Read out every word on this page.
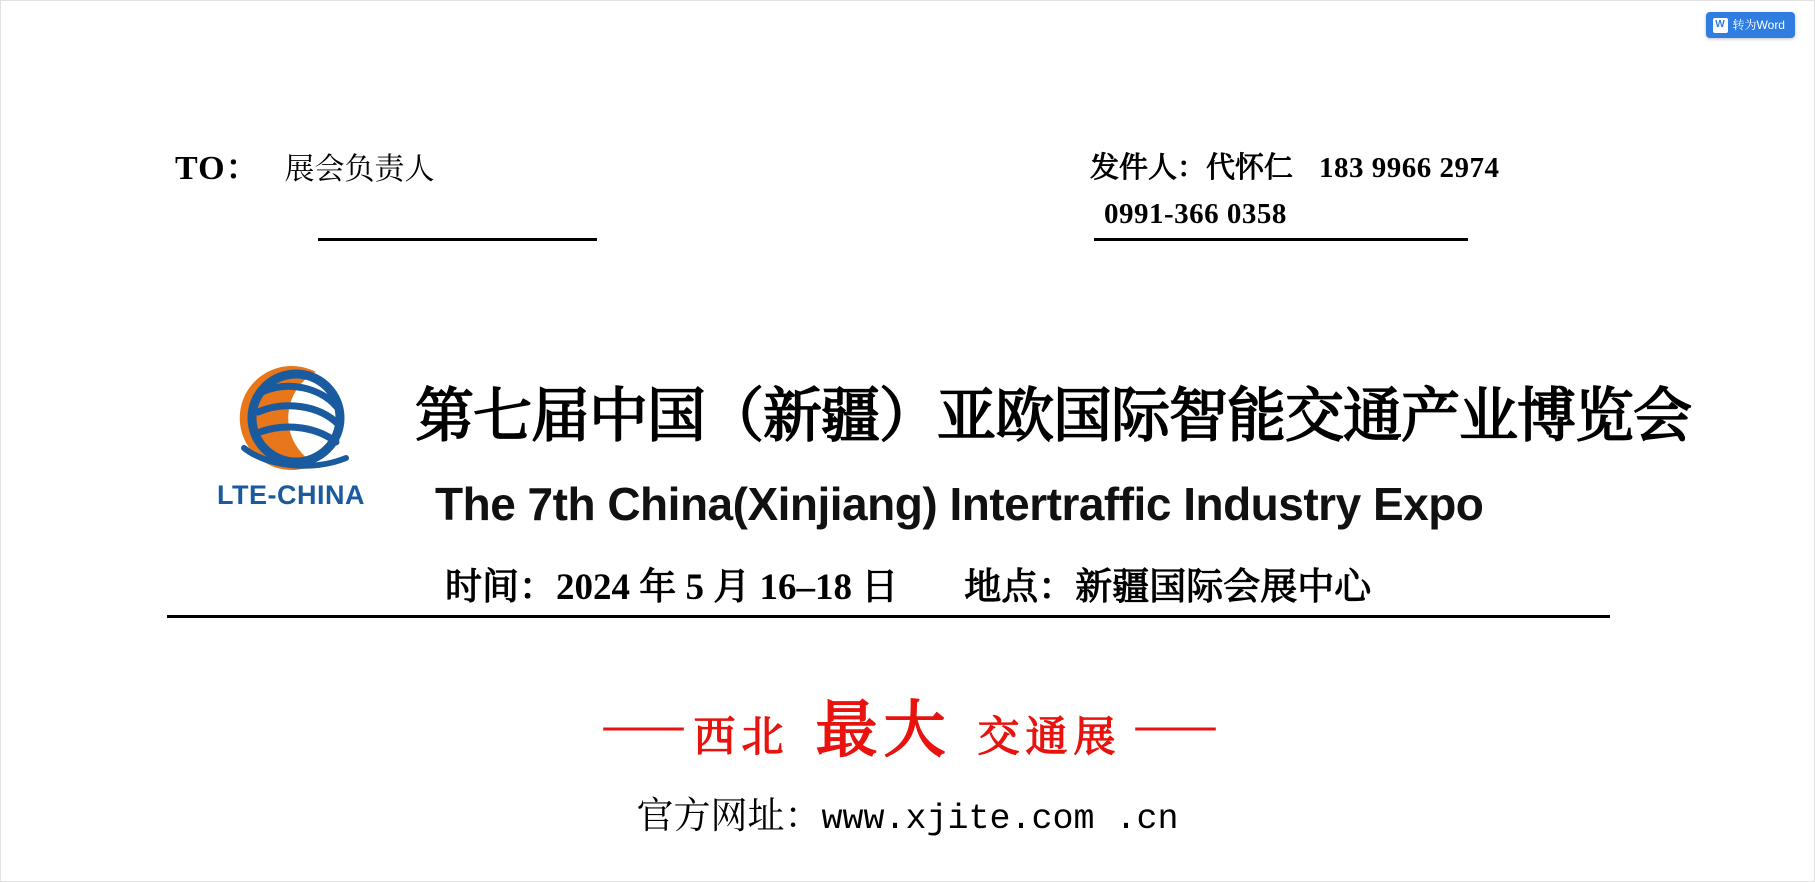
W 转为Word
TO： 展会负责人	发件人：代怀仁 183 9966 2974
0991-366 0358
LTE-CHINA
第七届中国（新疆）亚欧国际智能交通产业博览会
The 7th China(Xinjiang) Intertraffic Industry Expo
时间：2024 年 5 月 16–18 日 地点：新疆国际会展中心
—— 西北 最大 交通展 ——
官方网址：www.xjite.com .cn
